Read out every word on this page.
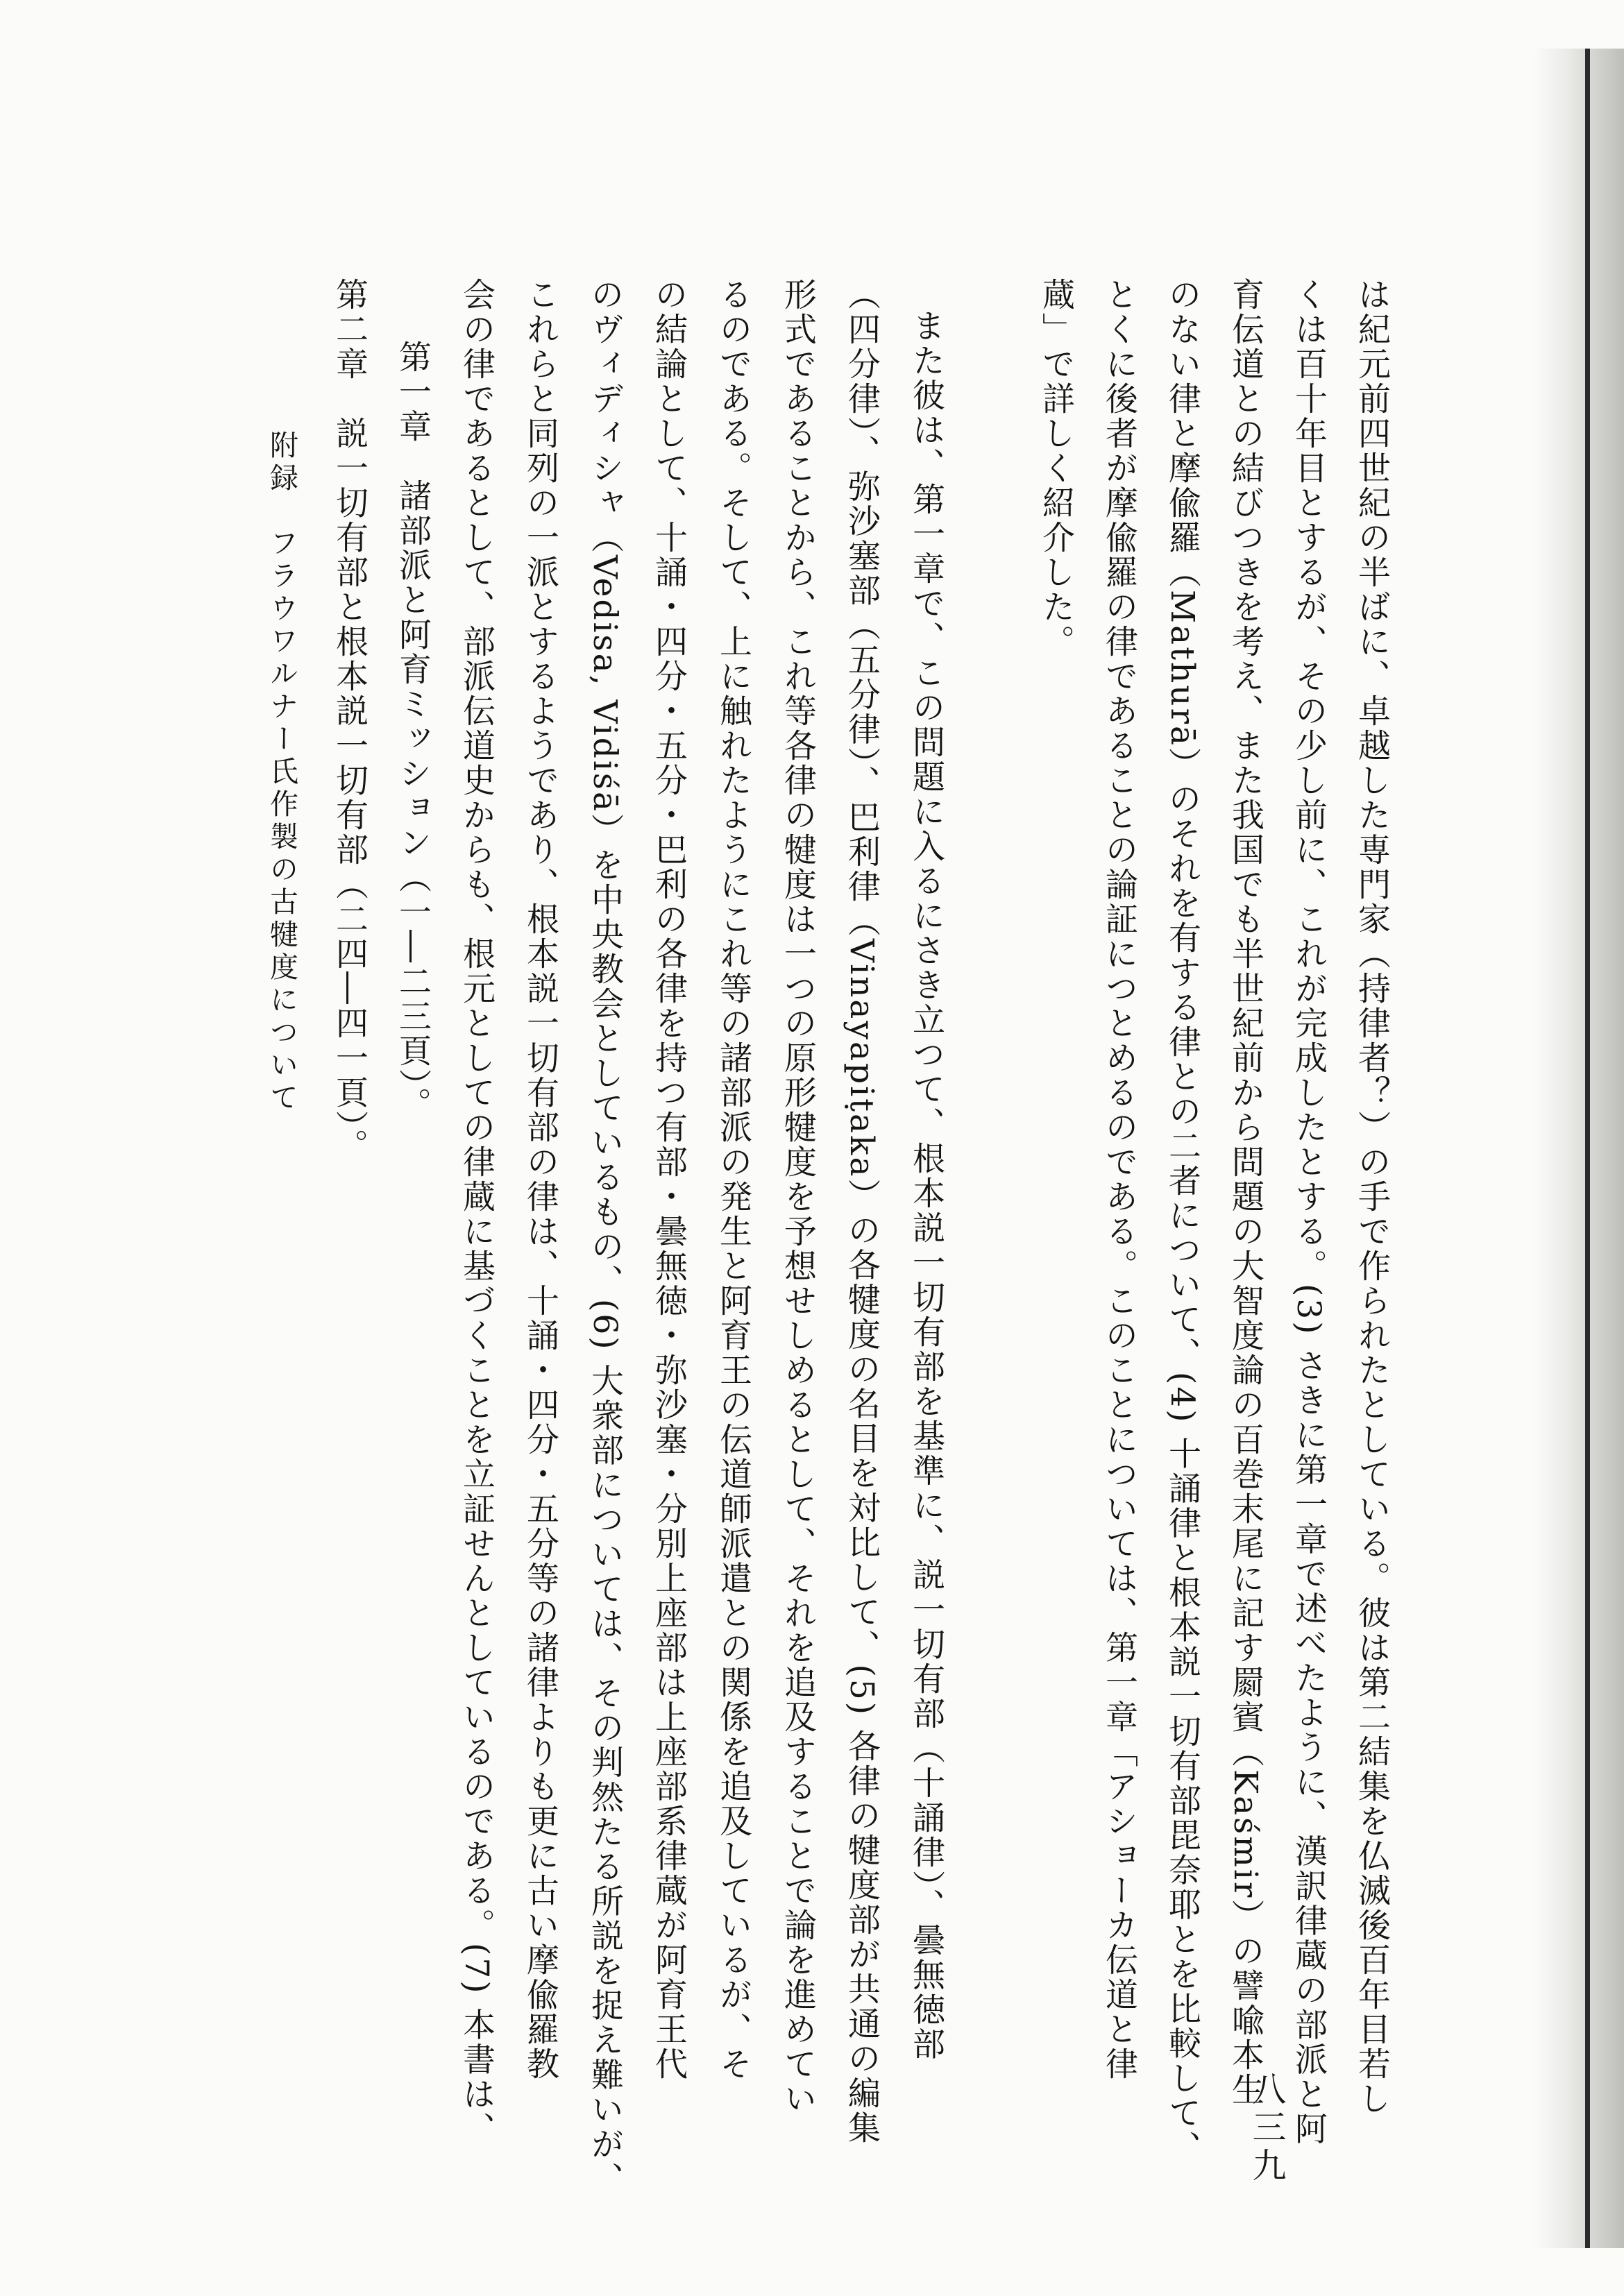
は紀元前四世紀の半ばに、卓越した専門家（持律者？）の手で作られたとしている。彼は第二結集を仏滅後百年目若し
くは百十年目とするが、その少し前に、これが完成したとする。(3) さきに第一章で述べたように、漢訳律蔵の部派と阿
育伝道との結びつきを考え、また我国でも半世紀前から問題の大智度論の百巻末尾に記す罽賓（Kaśmir）の譬喩本生
のない律と摩偸羅（Mathurā）のそれを有する律との二者について、(4) 十誦律と根本説一切有部毘奈耶とを比較して、
とくに後者が摩偸羅の律であることの論証につとめるのである。このことについては、第一章「アショーカ伝道と律
蔵」で詳しく紹介した。
また彼は、第一章で、この問題に入るにさき立つて、根本説一切有部を基準に、説一切有部（十誦律）、曇無徳部
（四分律）、弥沙塞部（五分律）、巴利律（Vinayapiṭaka）の各犍度の名目を対比して、(5) 各律の犍度部が共通の編集
形式であることから、これ等各律の犍度は一つの原形犍度を予想せしめるとして、それを追及することで論を進めてい
るのである。そして、上に触れたようにこれ等の諸部派の発生と阿育王の伝道師派遣との関係を追及しているが、そ
の結論として、十誦・四分・五分・巴利の各律を持つ有部・曇無徳・弥沙塞・分別上座部は上座部系律蔵が阿育王代
のヴィディシャ（Vedisa, Vidiśā）を中央教会としているもの、(6) 大衆部については、その判然たる所説を捉え難いが、
これらと同列の一派とするようであり、根本説一切有部の律は、十誦・四分・五分等の諸律よりも更に古い摩偸羅教
会の律であるとして、部派伝道史からも、根元としての律蔵に基づくことを立証せんとしているのである。(7) 本書は、
第一章　諸部派と阿育ミッション（一―二三頁）。
第二章　説一切有部と根本説一切有部（二四―四一頁）。
附録　フラウワルナー氏作製の古犍度について
八三九
